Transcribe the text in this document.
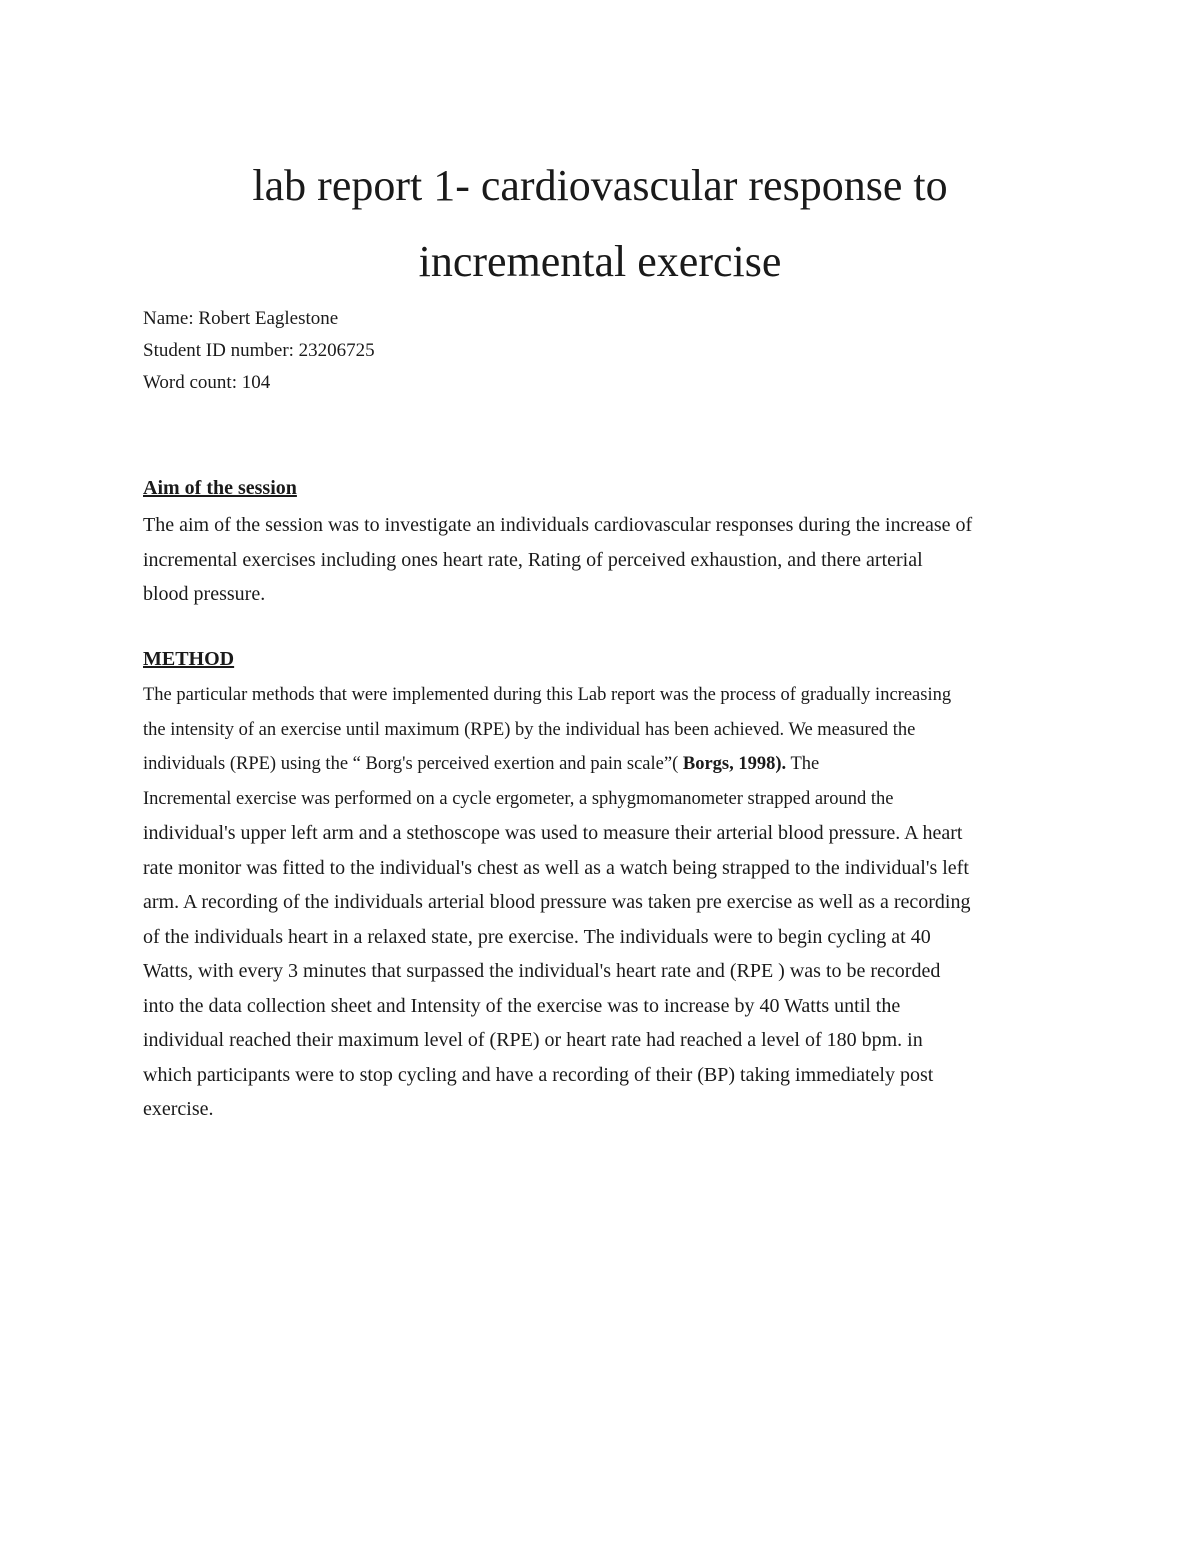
lab report 1- cardiovascular response to
incremental exercise
Name: Robert Eaglestone
Student ID number: 23206725
Word count: 104
Aim of the session

The aim of the session was to investigate an individuals cardiovascular responses during the increase of
incremental exercises including ones heart rate, Rating of perceived exhaustion, and there arterial
blood pressure.

METHOD

The particular methods that were implemented during this Lab report was the process of gradually increasing
the intensity of an exercise until maximum (RPE) by the individual has been achieved. We measured the
individuals (RPE) using the “ Borg's perceived exertion and pain scale”( Borgs, 1998). The
Incremental exercise was performed on a cycle ergometer, a sphygmomanometer strapped around the
individual's upper left arm and a stethoscope was used to measure their arterial blood pressure. A heart
rate monitor was fitted to the individual's chest as well as a watch being strapped to the individual's left
arm. A recording of the individuals arterial blood pressure was taken pre exercise as well as a recording
of the individuals heart in a relaxed state, pre exercise. The individuals were to begin cycling at 40
Watts, with every 3 minutes that surpassed the individual's heart rate and (RPE ) was to be recorded
into the data collection sheet and Intensity of the exercise was to increase by 40 Watts until the
individual reached their maximum level of (RPE) or heart rate had reached a level of 180 bpm. in
which participants were to stop cycling and have a recording of their (BP) taking immediately post
exercise.
